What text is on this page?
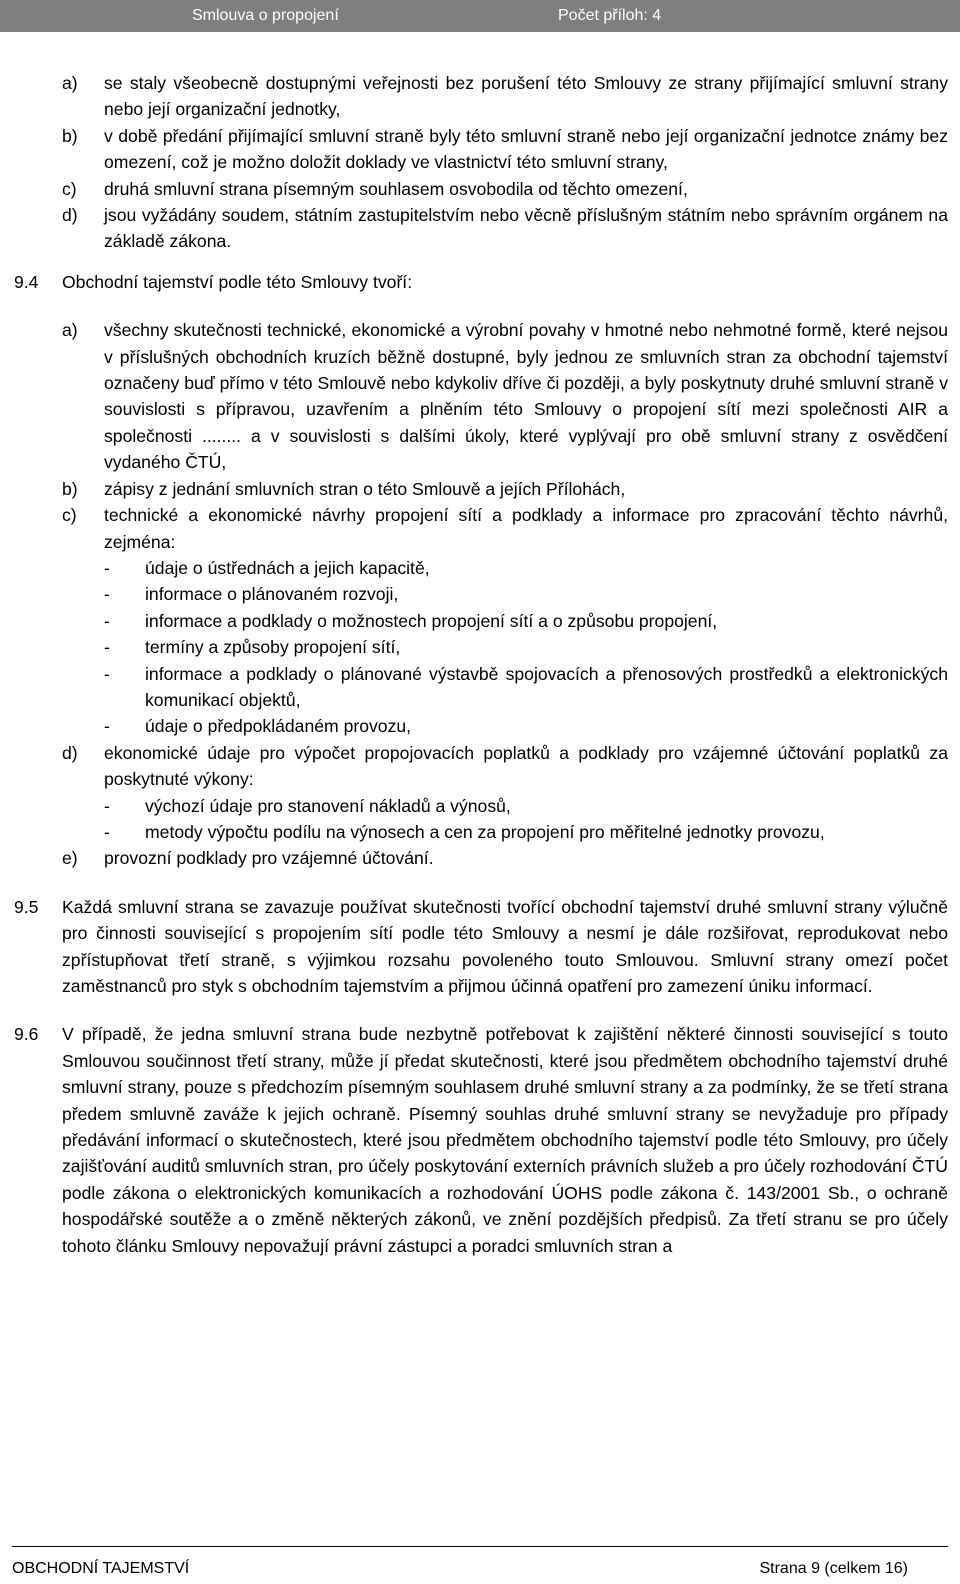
Smlouva o propojení	Počet příloh: 4
a) se staly všeobecně dostupnými veřejnosti bez porušení této Smlouvy ze strany přijímající smluvní strany nebo její organizační jednotky,
b) v době předání přijímající smluvní straně byly této smluvní straně nebo její organizační jednotce známy bez omezení, což je možno doložit doklady ve vlastnictví této smluvní strany,
c) druhá smluvní strana písemným souhlasem osvobodila od těchto omezení,
d) jsou vyžádány soudem, státním zastupitelstvím nebo věcně příslušným státním nebo správním orgánem na základě zákona.
9.4 Obchodní tajemství podle této Smlouvy tvoří:
a) všechny skutečnosti technické, ekonomické a výrobní povahy v hmotné nebo nehmotné formě, které nejsou v příslušných obchodních kruzích běžně dostupné, byly jednou ze smluvních stran za obchodní tajemství označeny buď přímo v této Smlouvě nebo kdykoliv dříve či později, a byly poskytnuty druhé smluvní straně v souvislosti s přípravou, uzavřením a plněním této Smlouvy o propojení sítí mezi společnosti AIR a společnosti ........ a v souvislosti s dalšími úkoly, které vyplývají pro obě smluvní strany z osvědčení vydaného ČTÚ,
b) zápisy z jednání smluvních stran o této Smlouvě a jejích Přílohách,
c) technické a ekonomické návrhy propojení sítí a podklady a informace pro zpracování těchto návrhů, zejména:
- údaje o ústřednách a jejich kapacitě,
- informace o plánovaném rozvoji,
- informace a podklady o možnostech propojení sítí a o způsobu propojení,
- termíny a způsoby propojení sítí,
- informace a podklady o plánované výstavbě spojovacích a přenosových prostředků a elektronických komunikací objektů,
- údaje o předpokládaném provozu,
d) ekonomické údaje pro výpočet propojovacích poplatků a podklady pro vzájemné účtování poplatků za poskytnuté výkony:
- výchozí údaje pro stanovení nákladů a výnosů,
- metody výpočtu podílu na výnosech a cen za propojení pro měřitelné jednotky provozu,
e) provozní podklady pro vzájemné účtování.
9.5 Každá smluvní strana se zavazuje používat skutečnosti tvořící obchodní tajemství druhé smluvní strany výlučně pro činnosti související s propojením sítí podle této Smlouvy a nesmí je dále rozšiřovat, reprodukovat nebo zpřístupňovat třetí straně, s výjimkou rozsahu povoleného touto Smlouvou. Smluvní strany omezí počet zaměstnanců pro styk s obchodním tajemstvím a přijmou účinná opatření pro zamezení úniku informací.
9.6 V případě, že jedna smluvní strana bude nezbytně potřebovat k zajištění některé činnosti související s touto Smlouvou součinnost třetí strany, může jí předat skutečnosti, které jsou předmětem obchodního tajemství druhé smluvní strany, pouze s předchozím písemným souhlasem druhé smluvní strany a za podmínky, že se třetí strana předem smluvně zaváže k jejich ochraně. Písemný souhlas druhé smluvní strany se nevyžaduje pro případy předávání informací o skutečnostech, které jsou předmětem obchodního tajemství podle této Smlouvy, pro účely zajišťování auditů smluvních stran, pro účely poskytování externích právních služeb a pro účely rozhodování ČTÚ podle zákona o elektronických komunikacích a rozhodování ÚOHS podle zákona č. 143/2001 Sb., o ochraně hospodářské soutěže a o změně některých zákonů, ve znění pozdějších předpisů. Za třetí stranu se pro účely tohoto článku Smlouvy nepovažují právní zástupci a poradci smluvních stran a
OBCHODNÍ TAJEMSTVÍ	Strana 9 (celkem 16)
